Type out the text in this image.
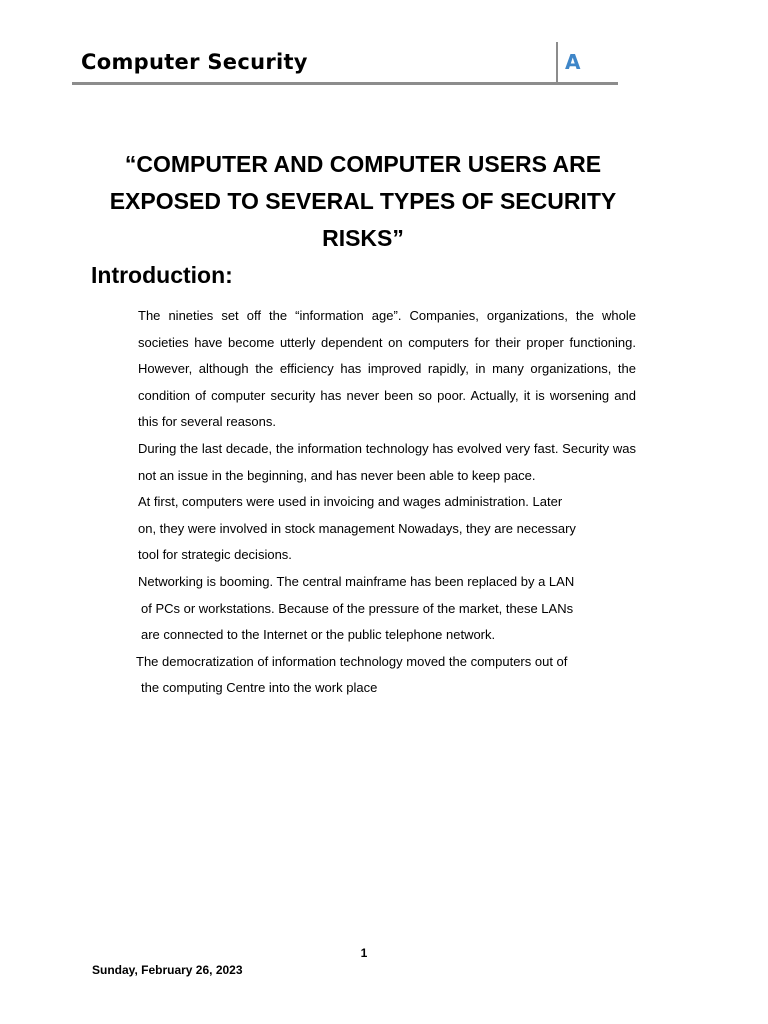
Computer Security	A
“COMPUTER AND COMPUTER USERS ARE
EXPOSED TO SEVERAL TYPES OF SECURITY
RISKS”
Introduction:

The nineties set off the “information age”. Companies, organizations, the whole societies have become utterly dependent on computers for their proper functioning. However, although the efficiency has improved rapidly, in many organizations, the condition of computer security has never been so poor. Actually, it is worsening and this for several reasons.

During the last decade, the information technology has evolved very fast. Security was not an issue in the beginning, and has never been able to keep pace.

At first, computers were used in invoicing and wages administration. Later
on, they were involved in stock management Nowadays, they are necessary
tool for strategic decisions.

Networking is booming. The central mainframe has been replaced by a LAN
of PCs or workstations. Because of the pressure of the market, these LANs
are connected to the Internet or the public telephone network.

The democratization of information technology moved the computers out of
the computing Centre into the work place

1
Sunday, February 26, 2023
